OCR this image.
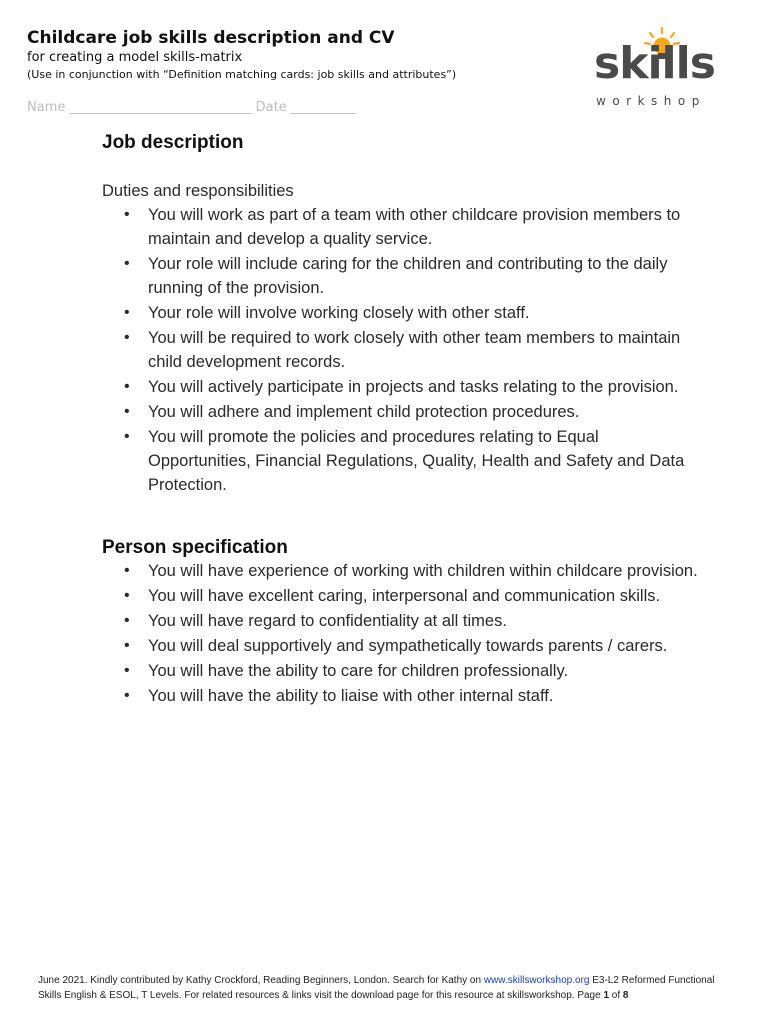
Childcare job skills description and CV
for creating a model skills-matrix
(Use in conjunction with “Definition matching cards: job skills and attributes”)
Name ____________________________ Date __________
skills
workshop
Job description

Duties and responsibilities

• You will work as part of a team with other childcare provision members to maintain and develop a quality service.
• Your role will include caring for the children and contributing to the daily running of the provision.
• Your role will involve working closely with other staff.
• You will be required to work closely with other team members to maintain child development records.
• You will actively participate in projects and tasks relating to the provision.
• You will adhere and implement child protection procedures.
• You will promote the policies and procedures relating to Equal Opportunities, Financial Regulations, Quality, Health and Safety and Data Protection.
Person specification
• You will have experience of working with children within childcare provision.
• You will have excellent caring, interpersonal and communication skills.
• You will have regard to confidentiality at all times.
• You will deal supportively and sympathetically towards parents / carers.
• You will have the ability to care for children professionally.
• You will have the ability to liaise with other internal staff.
June 2021. Kindly contributed by Kathy Crockford, Reading Beginners, London. Search for Kathy on www.skillsworkshop.org E3-L2 Reformed Functional Skills English & ESOL, T Levels. For related resources & links visit the download page for this resource at skillsworkshop. Page 1 of 8
